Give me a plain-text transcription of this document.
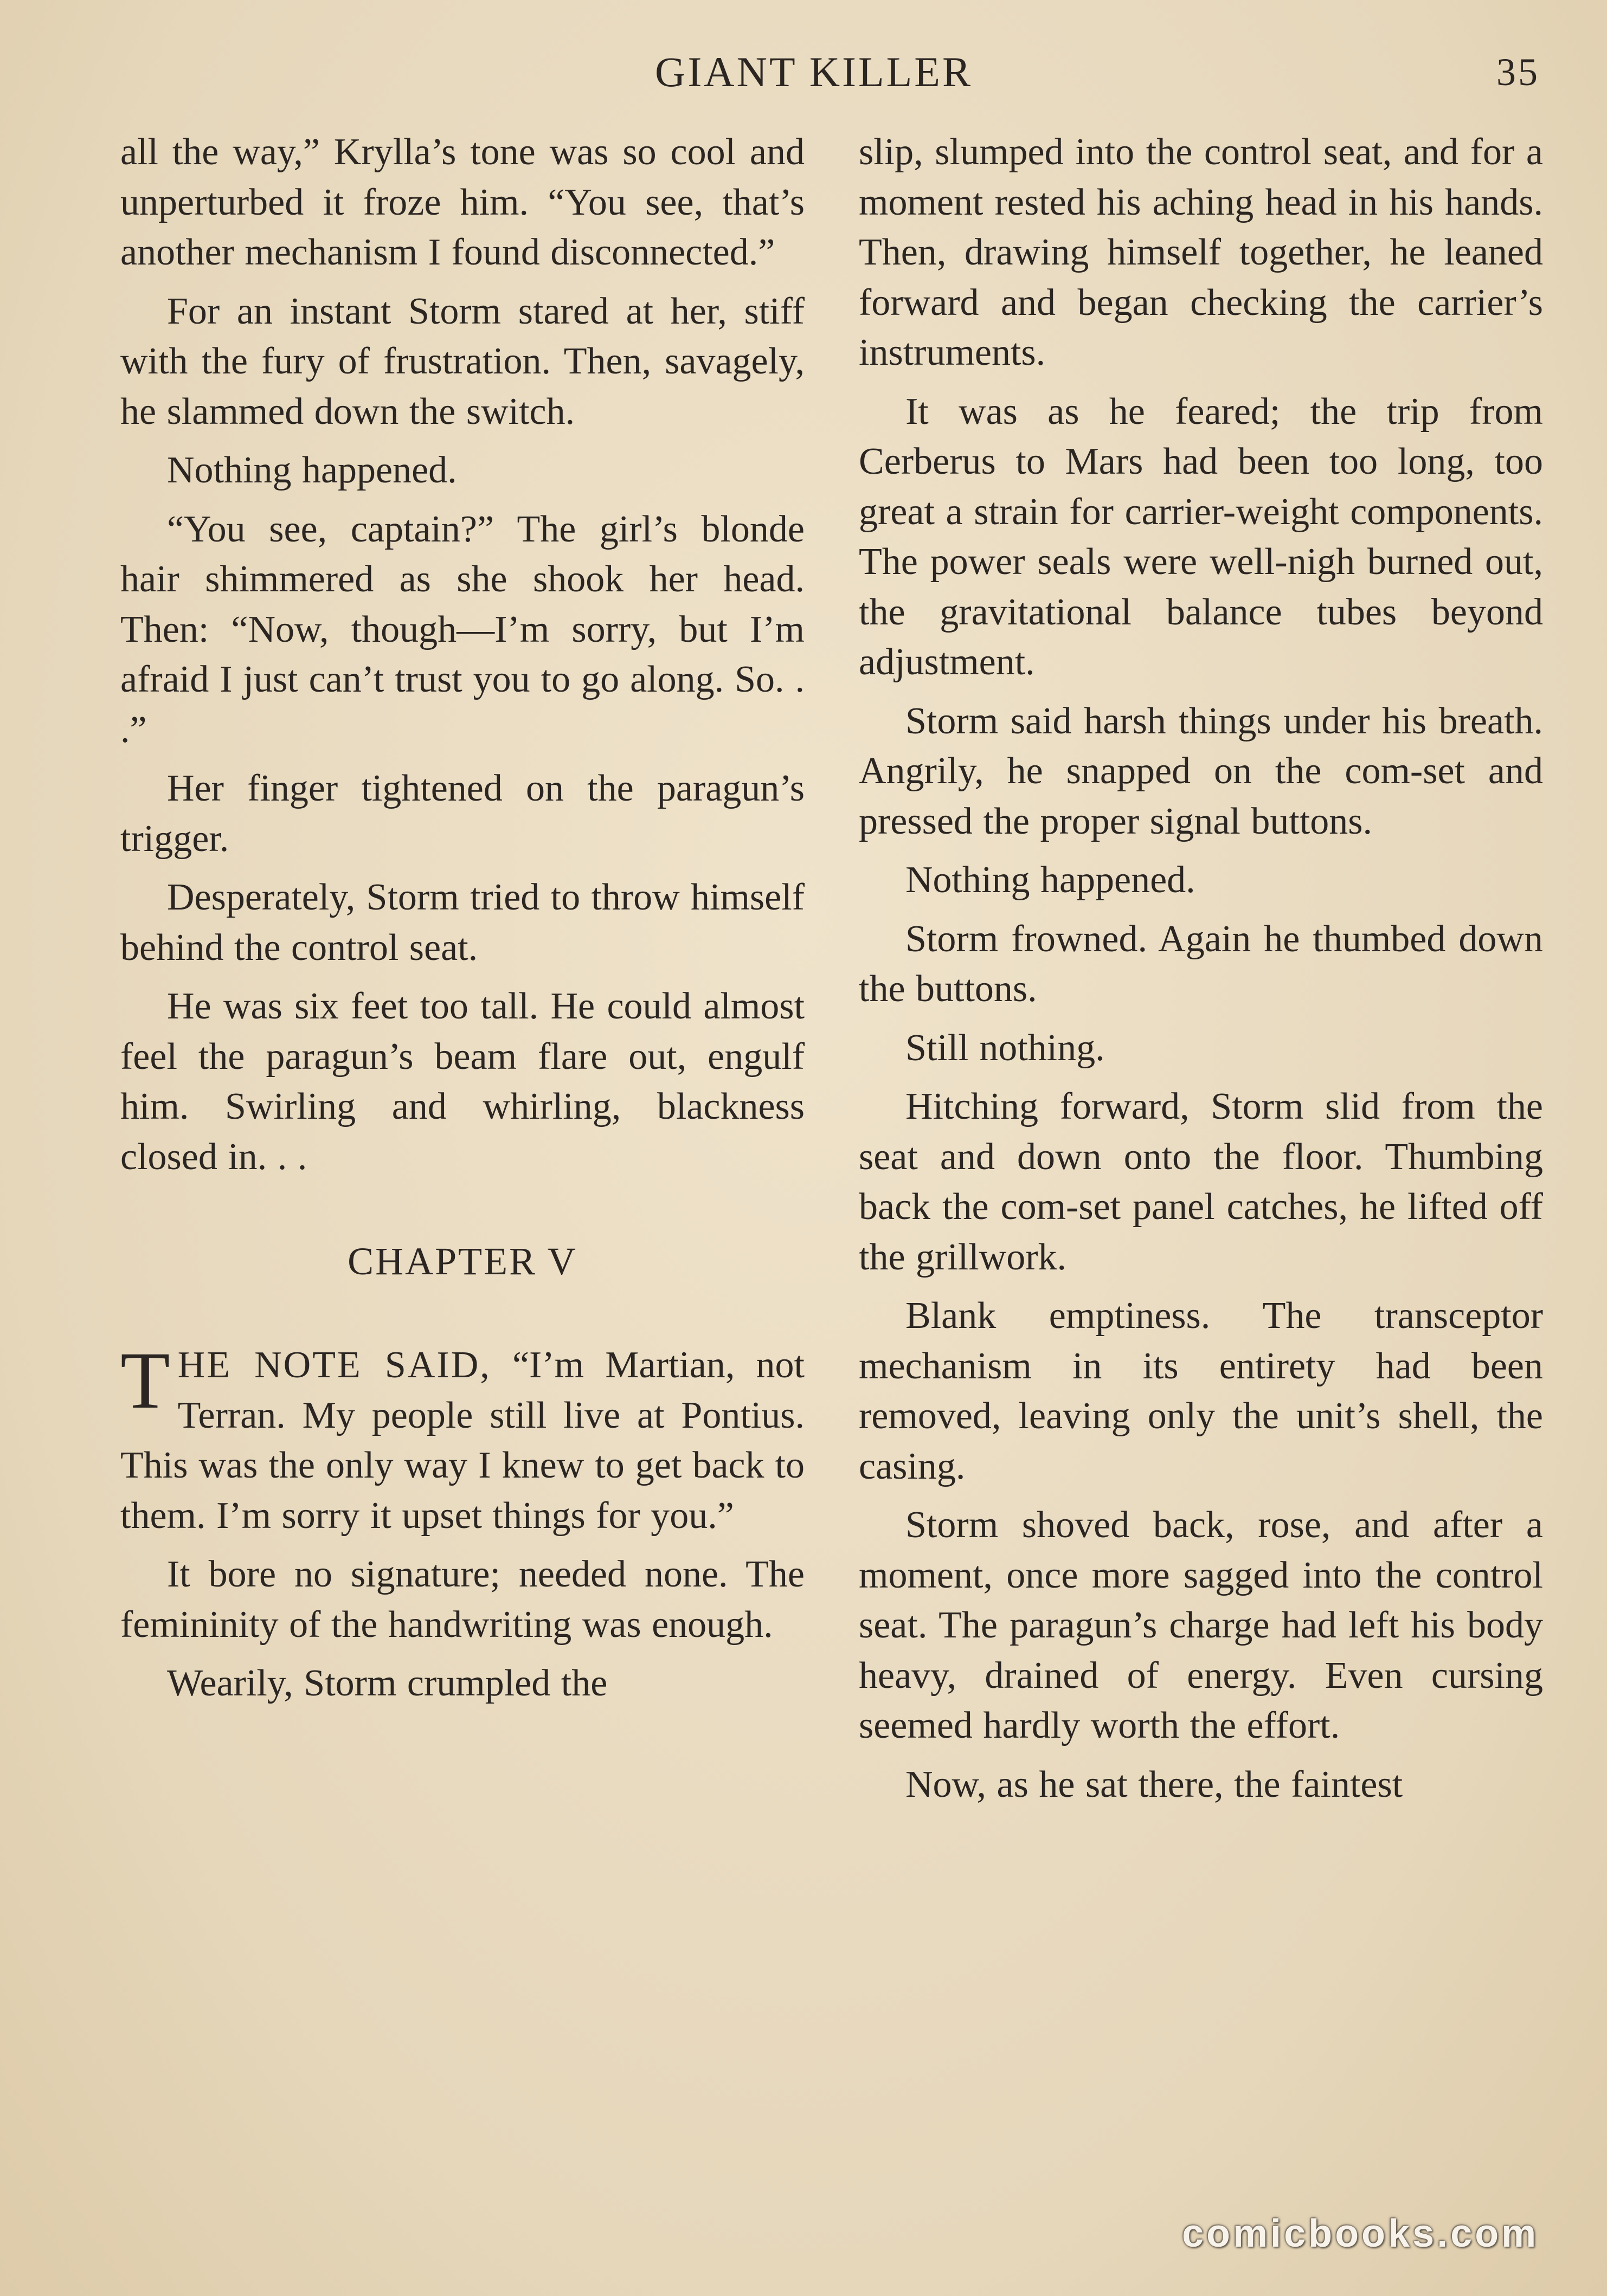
GIANT KILLER	35

all the way,” Krylla’s tone was so cool and unperturbed it froze him. “You see, that’s another mechanism I found disconnected.”

For an instant Storm stared at her, stiff with the fury of frustration. Then, savagely, he slammed down the switch.

Nothing happened.

“You see, captain?” The girl’s blonde hair shimmered as she shook her head. Then: “Now, though—I’m sorry, but I’m afraid I just can’t trust you to go along. So. . .”

Her finger tightened on the paragun’s trigger.

Desperately, Storm tried to throw himself behind the control seat.

He was six feet too tall. He could almost feel the paragun’s beam flare out, engulf him. Swirling and whirling, blackness closed in. . .

CHAPTER V

THE NOTE SAID, “I’m Martian, not Terran. My people still live at Pontius. This was the only way I knew to get back to them. I’m sorry it upset things for you.”

It bore no signature; needed none. The femininity of the handwriting was enough.

Wearily, Storm crumpled the

slip, slumped into the control seat, and for a moment rested his aching head in his hands. Then, drawing himself together, he leaned forward and began checking the carrier’s instruments.

It was as he feared; the trip from Cerberus to Mars had been too long, too great a strain for carrier-weight components. The power seals were well-nigh burned out, the gravitational balance tubes beyond adjustment.

Storm said harsh things under his breath. Angrily, he snapped on the com-set and pressed the proper signal buttons.

Nothing happened.

Storm frowned. Again he thumbed down the buttons.

Still nothing.

Hitching forward, Storm slid from the seat and down onto the floor. Thumbing back the com-set panel catches, he lifted off the grillwork.

Blank emptiness. The transceptor mechanism in its entirety had been removed, leaving only the unit’s shell, the casing.

Storm shoved back, rose, and after a moment, once more sagged into the control seat. The paragun’s charge had left his body heavy, drained of energy. Even cursing seemed hardly worth the effort.

Now, as he sat there, the faintest

comicbooks.com
